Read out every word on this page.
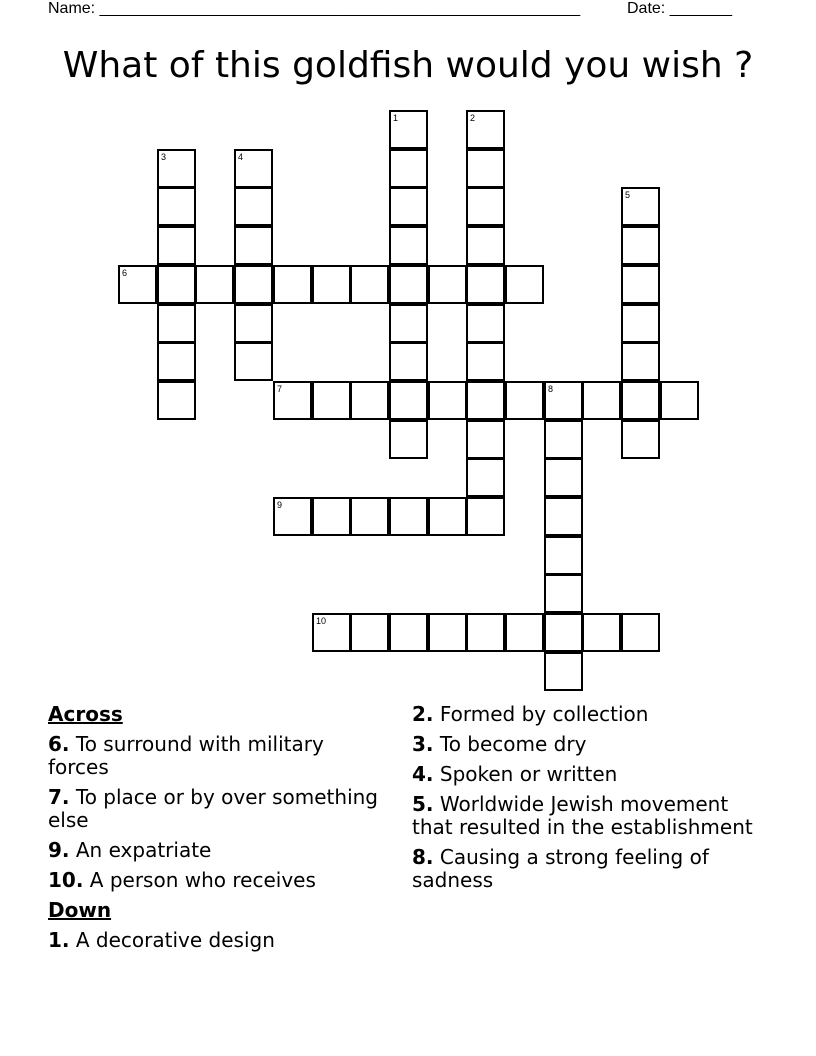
Name: ______________________________________________________	Date: _______
What of this goldfish would you wish ?
1	2
3	4
5
6
7	8
9
10
Across
6. To surround with military forces
7. To place or by over something else
9. An expatriate
10. A person who receives
Down
1. A decorative design
2. Formed by collection
3. To become dry
4. Spoken or written
5. Worldwide Jewish movement that resulted in the establishment
8. Causing a strong feeling of sadness
